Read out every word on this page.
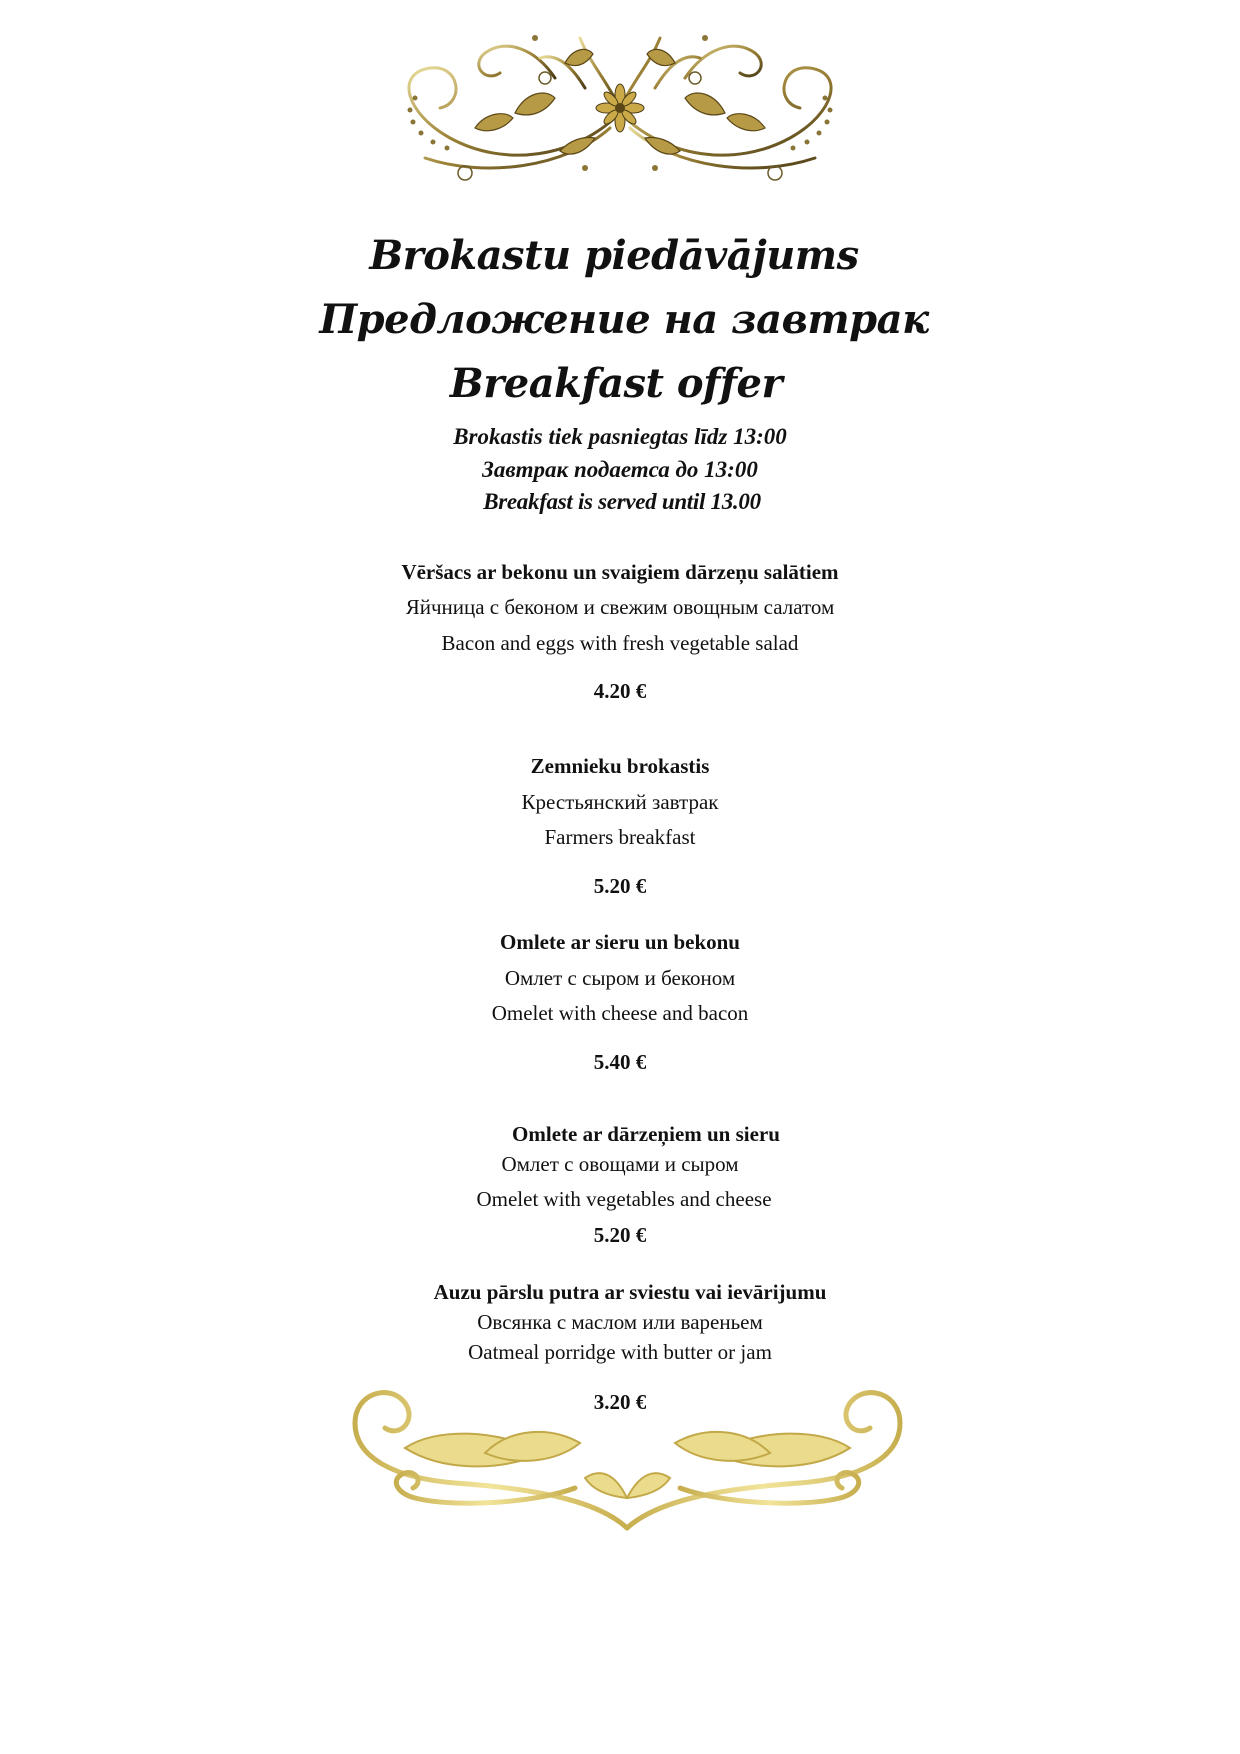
Brokastu piedāvājums
Предложение на завтрак
Breakfast offer
Brokastis tiek pasniegtas līdz 13:00
Завтрак подаетса до 13:00
Breakfast is served until 13.00
Vēršacs ar bekonu un svaigiem dārzeņu salātiem
Яйчница с беконом и свежим овощным салатом
Bacon and eggs with fresh vegetable salad
4.20 €
Zemnieku brokastis
Крестьянский завтрак
Farmers breakfast
5.20 €
Omlete ar sieru un bekonu
Омлет с сыром и беконом
Omelet with cheese and bacon
5.40 €
Omlete ar dārzeņiem un sieru
Омлет с овощами и сыром
Omelet with vegetables and cheese
5.20 €
Auzu pārslu putra ar sviestu vai ievārijumu
Овсянка с маслом или вареньем
Oatmeal porridge with butter or jam
3.20 €
